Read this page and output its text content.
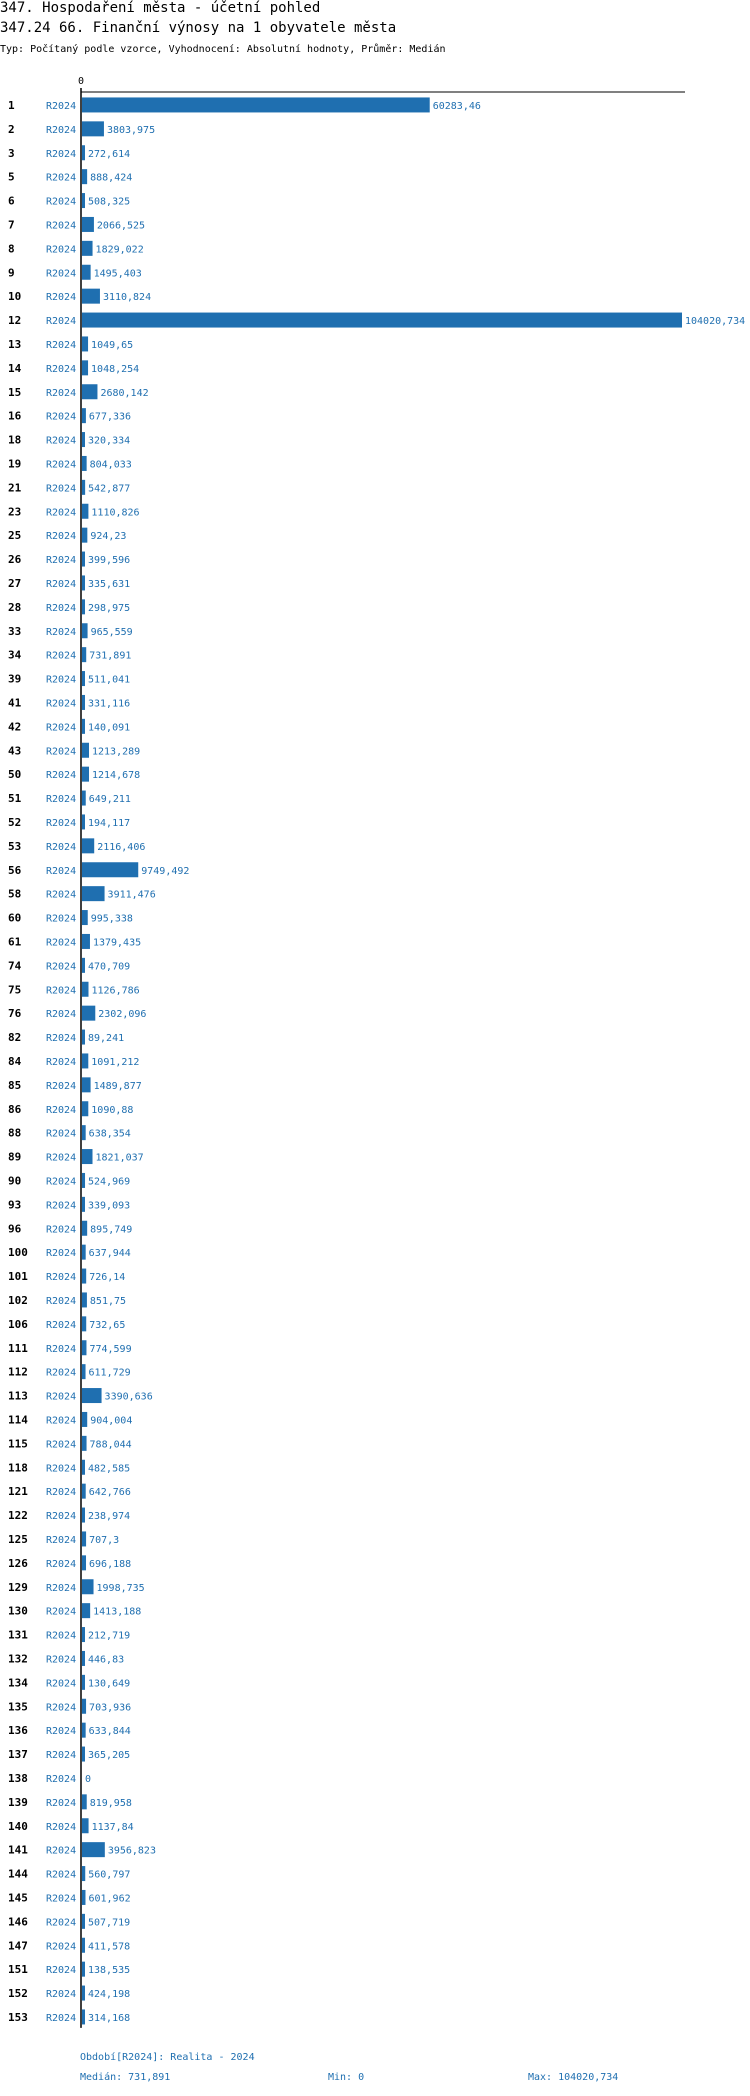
347. Hospodaření města - účetní pohled
347.24 66. Finanční výnosy na 1 obyvatele města
Typ: Počítaný podle vzorce, Vyhodnocení: Absolutní hodnoty, Průměr: Medián
0
1	R2024	60283,46
2	R2024	3803,975
3	R2024 272,614
5	R2024 888,424
6	R2024 508,325
7	R2024 2066,525
8	R2024 1829,022
9	R2024 1495,403
10 R2024	3110,824
12 R2024	104020,734
13 R2024 1049,65
14 R2024 1048,254
15 R2024 2680,142
16 R2024 677,336
18 R2024 320,334
19 R2024 804,033
21 R2024 542,877
23 R2024 1110,826
25 R2024 924,23
26 R2024 399,596
27 R2024 335,631
28 R2024 298,975
33 R2024 965,559
34 R2024 731,891
39 R2024 511,041
41 R2024 331,116
42 R2024 140,091
43 R2024 1213,289
50 R2024 1214,678
51 R2024 649,211
52 R2024 194,117
53 R2024 2116,406
56 R2024	9749,492
58 R2024	3911,476
60 R2024 995,338
61 R2024 1379,435
74 R2024 470,709
75 R2024 1126,786
76 R2024 2302,096
82 R2024 89,241
84 R2024 1091,212
85 R2024 1489,877
86 R2024 1090,88
88 R2024 638,354
89 R2024 1821,037
90 R2024 524,969
93 R2024 339,093
96 R2024 895,749
100 R2024 637,944
101 R2024 726,14
102 R2024 851,75
106 R2024 732,65
111 R2024 774,599
112 R2024 611,729
113 R2024	3390,636
114 R2024 904,004
115 R2024 788,044
118 R2024 482,585
121 R2024 642,766
122 R2024 238,974
125 R2024 707,3
126 R2024 696,188
129 R2024 1998,735
130 R2024 1413,188
131 R2024 212,719
132 R2024 446,83
134 R2024 130,649
135 R2024 703,936
136 R2024 633,844
137 R2024 365,205
138 R2024 0
139 R2024 819,958
140 R2024 1137,84
141 R2024	3956,823
144 R2024 560,797
145 R2024 601,962
146 R2024 507,719
147 R2024 411,578
151 R2024 138,535
152 R2024 424,198
153 R2024 314,168
Období[R2024]: Realita - 2024
Medián: 731,891	Min: 0	Max: 104020,734
